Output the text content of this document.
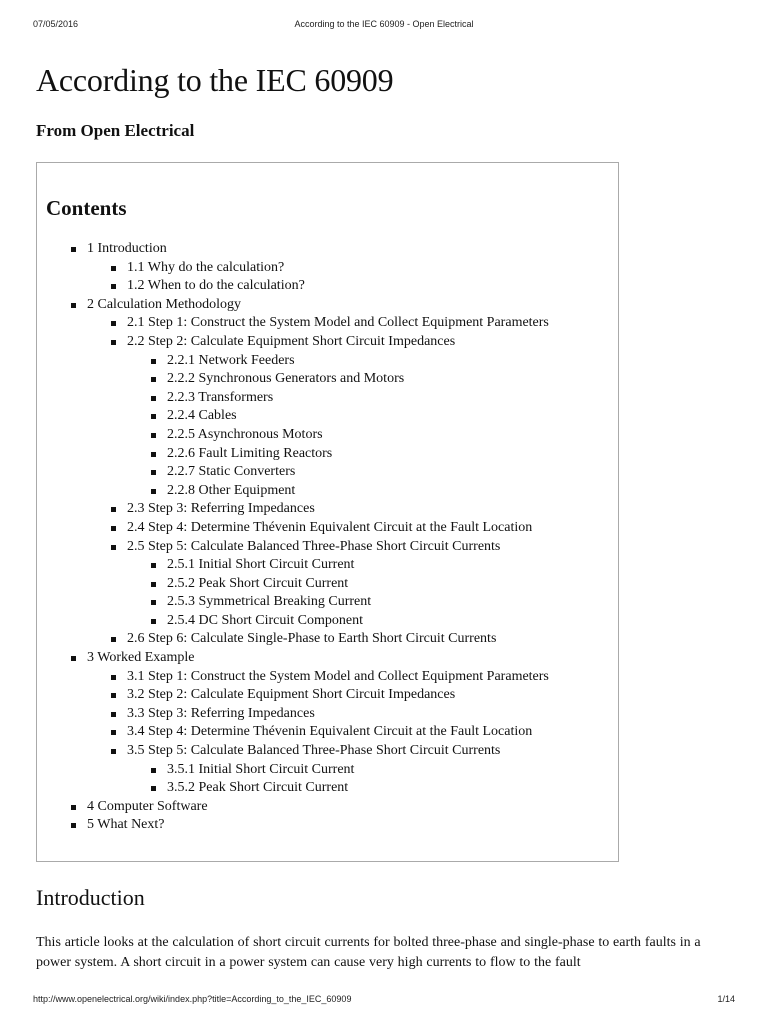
07/05/2016	According to the IEC 60909 - Open Electrical
According to the IEC 60909
From Open Electrical
Contents
1 Introduction
1.1 Why do the calculation?
1.2 When to do the calculation?
2 Calculation Methodology
2.1 Step 1: Construct the System Model and Collect Equipment Parameters
2.2 Step 2: Calculate Equipment Short Circuit Impedances
2.2.1 Network Feeders
2.2.2 Synchronous Generators and Motors
2.2.3 Transformers
2.2.4 Cables
2.2.5 Asynchronous Motors
2.2.6 Fault Limiting Reactors
2.2.7 Static Converters
2.2.8 Other Equipment
2.3 Step 3: Referring Impedances
2.4 Step 4: Determine Thévenin Equivalent Circuit at the Fault Location
2.5 Step 5: Calculate Balanced Three-Phase Short Circuit Currents
2.5.1 Initial Short Circuit Current
2.5.2 Peak Short Circuit Current
2.5.3 Symmetrical Breaking Current
2.5.4 DC Short Circuit Component
2.6 Step 6: Calculate Single-Phase to Earth Short Circuit Currents
3 Worked Example
3.1 Step 1: Construct the System Model and Collect Equipment Parameters
3.2 Step 2: Calculate Equipment Short Circuit Impedances
3.3 Step 3: Referring Impedances
3.4 Step 4: Determine Thévenin Equivalent Circuit at the Fault Location
3.5 Step 5: Calculate Balanced Three-Phase Short Circuit Currents
3.5.1 Initial Short Circuit Current
3.5.2 Peak Short Circuit Current
4 Computer Software
5 What Next?
Introduction

This article looks at the calculation of short circuit currents for bolted three-phase and single-phase to earth faults in a power system. A short circuit in a power system can cause very high currents to flow to the fault

http://www.openelectrical.org/wiki/index.php?title=According_to_the_IEC_60909	1/14
